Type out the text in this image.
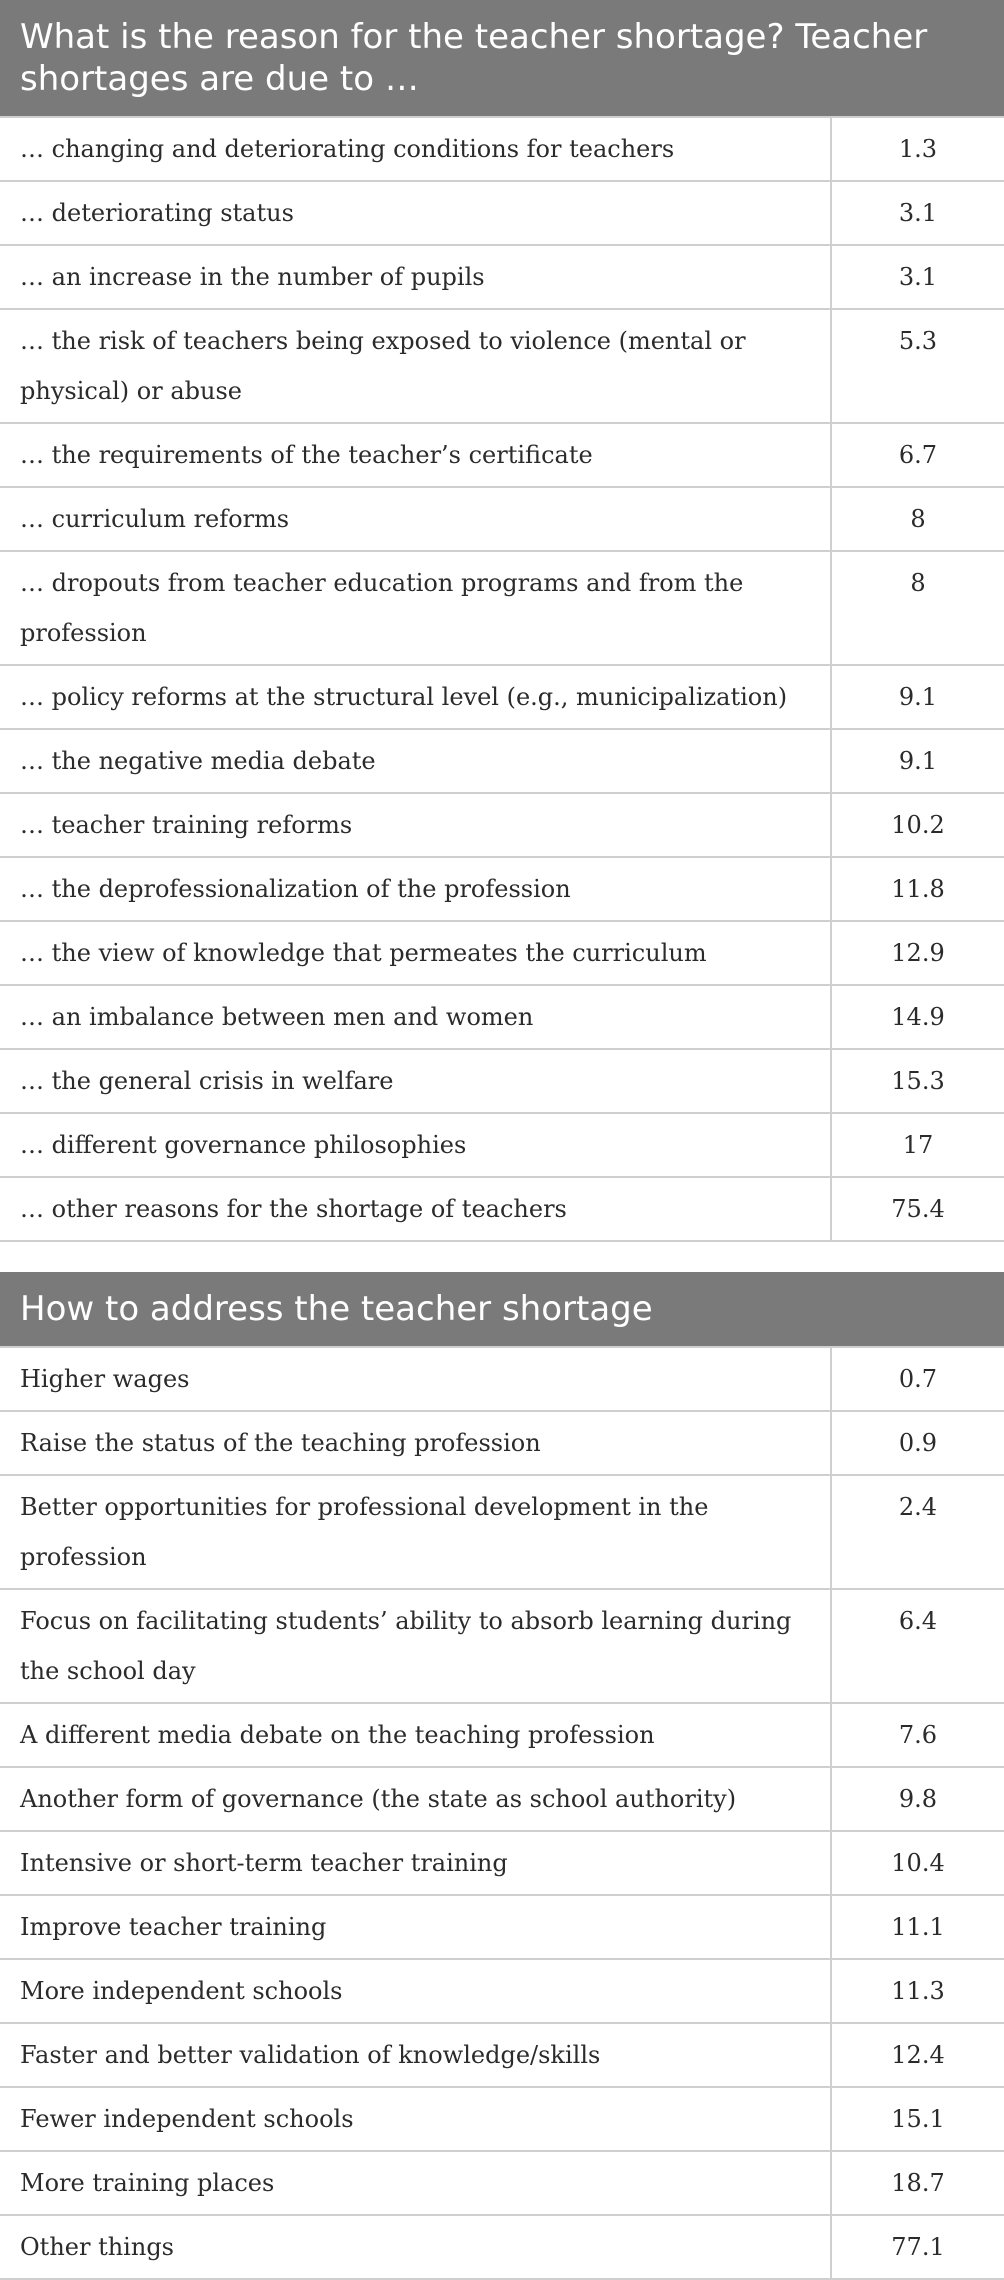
What is the reason for the teacher shortage? Teacher shortages are due to …	
… changing and deteriorating conditions for teachers	1.3
… deteriorating status	3.1
… an increase in the number of pupils	3.1
… the risk of teachers being exposed to violence (mental or physical) or abuse	5.3
… the requirements of the teacher’s certificate	6.7
… curriculum reforms	8
… dropouts from teacher education programs and from the profession	8
… policy reforms at the structural level (e.g., municipalization)	9.1
… the negative media debate	9.1
… teacher training reforms	10.2
… the deprofessionalization of the profession	11.8
… the view of knowledge that permeates the curriculum	12.9
… an imbalance between men and women	14.9
… the general crisis in welfare	15.3
… different governance philosophies	17
… other reasons for the shortage of teachers	75.4
How to address the teacher shortage	
Higher wages	0.7
Raise the status of the teaching profession	0.9
Better opportunities for professional development in the profession	2.4
Focus on facilitating students’ ability to absorb learning during the school day	6.4
A different media debate on the teaching profession	7.6
Another form of governance (the state as school authority)	9.8
Intensive or short-term teacher training	10.4
Improve teacher training	11.1
More independent schools	11.3
Faster and better validation of knowledge/skills	12.4
Fewer independent schools	15.1
More training places	18.7
Other things	77.1
